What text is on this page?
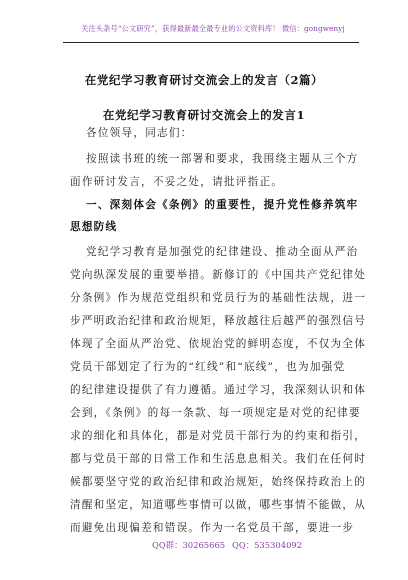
关注头条号“公文研究”，获得最新最全最专业的公文资料库！ 微信：gongwenyj
在党纪学习教育研讨交流会上的发言（2篇）
在党纪学习教育研讨交流会上的发言1
各位领导，同志们：
按照读书班的统一部署和要求，我围绕主题从三个方
面作研讨发言，不妥之处，请批评指正。
一、深刻体会《条例》的重要性，提升党性修养筑牢
思想防线
党纪学习教育是加强党的纪律建设、推动全面从严治
党向纵深发展的重要举措。新修订的《中国共产党纪律处
分条例》作为规范党组织和党员行为的基础性法规，进一
步严明政治纪律和政治规矩，释放越往后越严的强烈信号
体现了全面从严治党、依规治党的鲜明态度，不仅为全体
党员干部划定了行为的“红线”和“底线”，也为加强党
的纪律建设提供了有力遵循。通过学习，我深刻认识和体
会到，《条例》的每一条款、每一项规定是对党的纪律要
求的细化和具体化，都是对党员干部行为的约束和指引，
都与党员干部的日常工作和生活息息相关。我们在任何时
候都要坚守党的政治纪律和政治规矩，始终保持政治上的
清醒和坚定，知道哪些事情可以做，哪些事情不能做，从
而避免出现偏差和错误。作为一名党员干部，要进一步
QQ群：30265665 QQ：535304092
